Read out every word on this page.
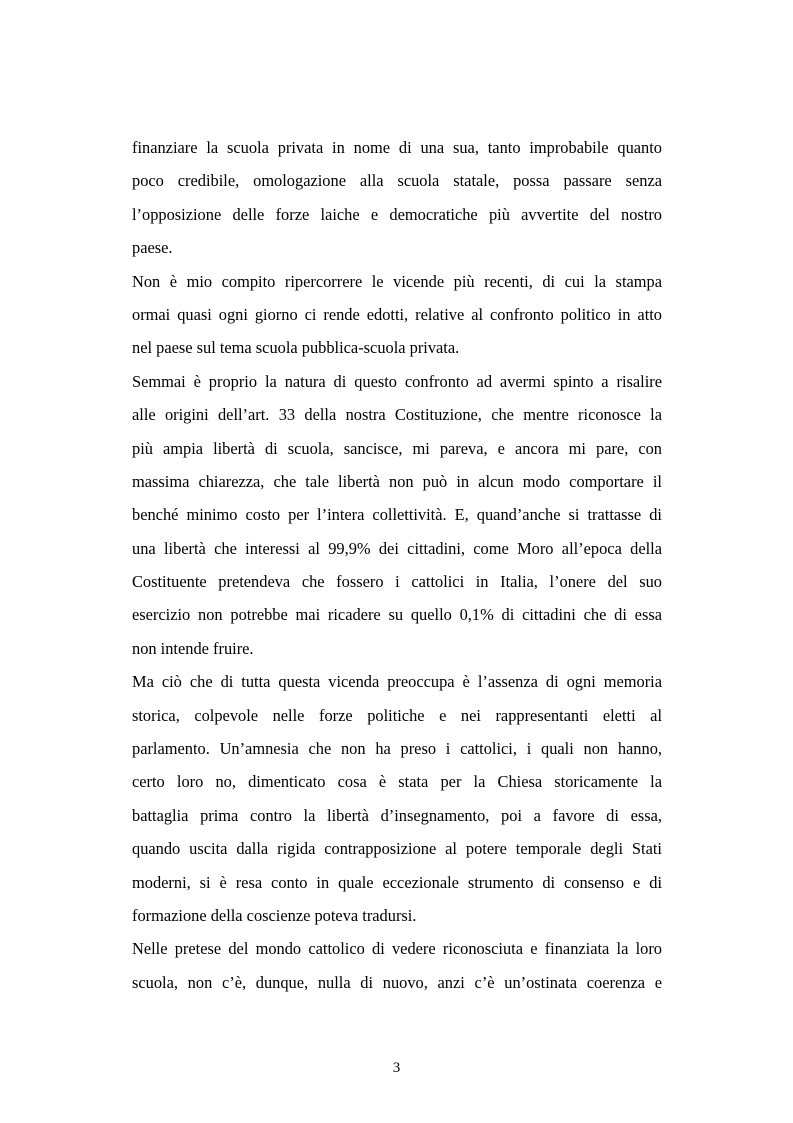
finanziare la scuola privata in nome di una sua, tanto improbabile quanto
poco credibile, omologazione alla scuola statale, possa passare senza
l’opposizione delle forze laiche e democratiche più avvertite del nostro
paese.
Non è mio compito ripercorrere le vicende più recenti, di cui la stampa
ormai quasi ogni giorno ci rende edotti, relative al confronto politico in atto
nel paese sul tema scuola pubblica-scuola privata.
Semmai è proprio la natura di questo confronto ad avermi spinto a risalire
alle origini dell’art. 33 della nostra Costituzione, che mentre riconosce la
più ampia libertà di scuola, sancisce, mi pareva, e ancora mi pare, con
massima chiarezza, che tale libertà non può in alcun modo comportare il
benché minimo costo per l’intera collettività. E, quand’anche si trattasse di
una libertà che interessi al 99,9% dei cittadini, come Moro all’epoca della
Costituente pretendeva che fossero i cattolici in Italia, l’onere del suo
esercizio non potrebbe mai ricadere su quello 0,1% di cittadini che di essa
non intende fruire.
Ma ciò che di tutta questa vicenda preoccupa è l’assenza di ogni memoria
storica, colpevole nelle forze politiche e nei rappresentanti eletti al
parlamento. Un’amnesia che non ha preso i cattolici, i quali non hanno,
certo loro no, dimenticato cosa è stata per la Chiesa storicamente la
battaglia prima contro la libertà d’insegnamento, poi a favore di essa,
quando uscita dalla rigida contrapposizione al potere temporale degli Stati
moderni, si è resa conto in quale eccezionale strumento di consenso e di
formazione della coscienze poteva tradursi.
Nelle pretese del mondo cattolico di vedere riconosciuta e finanziata la loro
scuola, non c’è, dunque, nulla di nuovo, anzi c’è un’ostinata coerenza e
3
